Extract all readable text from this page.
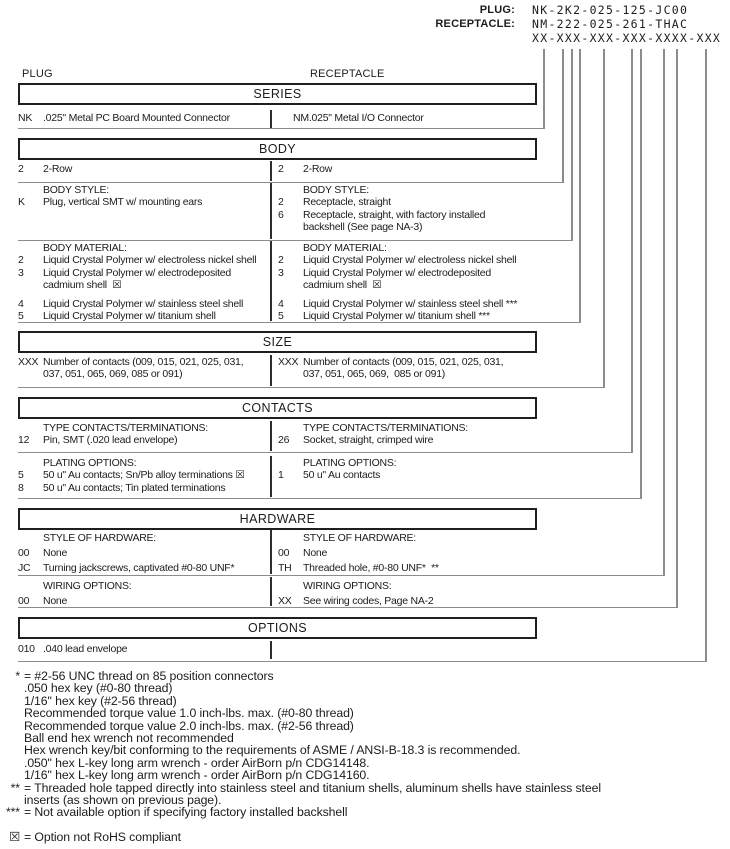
PLUG: NK-2K2-025-125-JC00
RECEPTACLE: NM-222-025-261-THAC
XX-XXX-XXX-XXX-XXXX-XXX
PLUG	RECEPTACLE
SERIES
NK	.025" Metal PC Board Mounted Connector	NM .025" Metal I/O Connector
BODY
2	2-Row	2	2-Row
BODY STYLE:
K	Plug, vertical SMT w/ mounting ears
BODY STYLE:
2	Receptacle, straight
6	Receptacle, straight, with factory installed
backshell (See page NA-3)
BODY MATERIAL:
2	Liquid Crystal Polymer w/ electroless nickel shell
3	Liquid Crystal Polymer w/ electrodeposited
cadmium shell  ☒
4	Liquid Crystal Polymer w/ stainless steel shell
5	Liquid Crystal Polymer w/ titanium shell
BODY MATERIAL:
2	Liquid Crystal Polymer w/ electroless nickel shell
3	Liquid Crystal Polymer w/ electrodeposited
cadmium shell  ☒
4	Liquid Crystal Polymer w/ stainless steel shell ***
5	Liquid Crystal Polymer w/ titanium shell ***
SIZE
XXX Number of contacts (009, 015, 021, 025, 031,
037, 051, 065, 069, 085 or 091)
XXX Number of contacts (009, 015, 021, 025, 031,
037, 051, 065, 069,  085 or 091)
CONTACTS
TYPE CONTACTS/TERMINATIONS:
12	Pin, SMT (.020 lead envelope)
TYPE CONTACTS/TERMINATIONS:
26	Socket, straight, crimped wire
PLATING OPTIONS:
5	50 u" Au contacts; Sn/Pb alloy terminations ☒
8	50 u" Au contacts; Tin plated terminations
PLATING OPTIONS:
1	50 u" Au contacts
HARDWARE
STYLE OF HARDWARE:
00	None
JC	Turning jackscrews, captivated #0-80 UNF*
STYLE OF HARDWARE:
00	None
TH	Threaded hole, #0-80 UNF*  **
WIRING OPTIONS:
00	None
WIRING OPTIONS:
XX	See wiring codes, Page NA-2
OPTIONS
010 .040 lead envelope
* = #2-56 UNC thread on 85 position connectors
.050 hex key (#0-80 thread)
1/16" hex key (#2-56 thread)
Recommended torque value 1.0 inch-lbs. max. (#0-80 thread)
Recommended torque value 2.0 inch-lbs. max. (#2-56 thread)
Ball end hex wrench not recommended
Hex wrench key/bit conforming to the requirements of ASME / ANSI-B-18.3 is recommended.
.050" hex L-key long arm wrench - order AirBorn p/n CDG14148.
1/16" hex L-key long arm wrench - order AirBorn p/n CDG14160.
** = Threaded hole tapped directly into stainless steel and titanium shells, aluminum shells have stainless steel
inserts (as shown on previous page).
*** = Not available option if specifying factory installed backshell
☒ = Option not RoHS compliant
